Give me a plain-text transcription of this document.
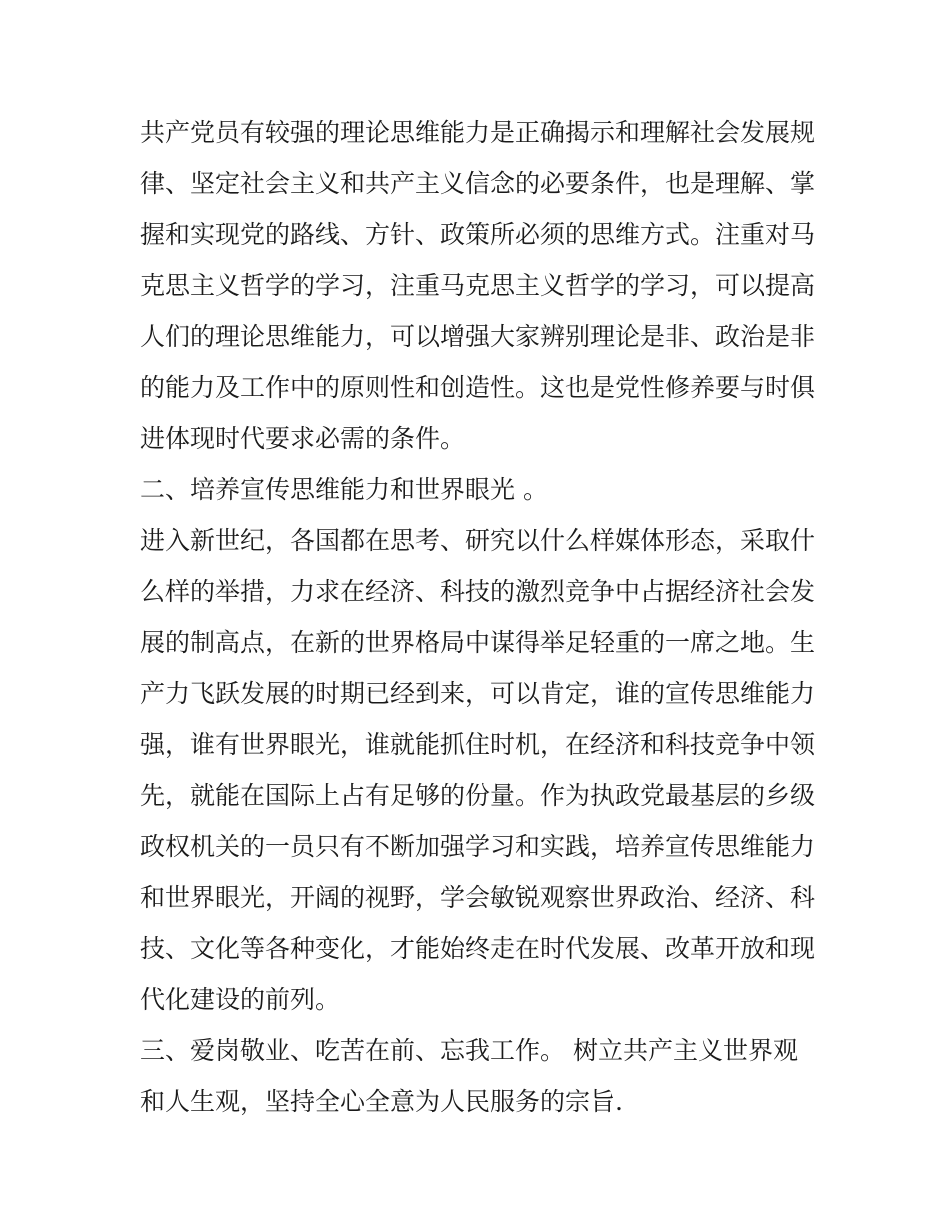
共产党员有较强的理论思维能力是正确揭示和理解社会发展规
律、坚定社会主义和共产主义信念的必要条件，也是理解、掌
握和实现党的路线、方针、政策所必须的思维方式。注重对马
克思主义哲学的学习，注重马克思主义哲学的学习，可以提高
人们的理论思维能力，可以增强大家辨别理论是非、政治是非
的能力及工作中的原则性和创造性。这也是党性修养要与时俱
进体现时代要求必需的条件。
二、培养宣传思维能力和世界眼光 。
进入新世纪，各国都在思考、研究以什么样媒体形态，采取什
么样的举措，力求在经济、科技的激烈竞争中占据经济社会发
展的制高点，在新的世界格局中谋得举足轻重的一席之地。生
产力飞跃发展的时期已经到来，可以肯定，谁的宣传思维能力
强，谁有世界眼光，谁就能抓住时机，在经济和科技竞争中领
先，就能在国际上占有足够的份量。作为执政党最基层的乡级
政权机关的一员只有不断加强学习和实践，培养宣传思维能力
和世界眼光，开阔的视野，学会敏锐观察世界政治、经济、科
技、文化等各种变化，才能始终走在时代发展、改革开放和现
代化建设的前列。
三、爱岗敬业、吃苦在前、忘我工作。 树立共产主义世界观
和人生观，坚持全心全意为人民服务的宗旨.
